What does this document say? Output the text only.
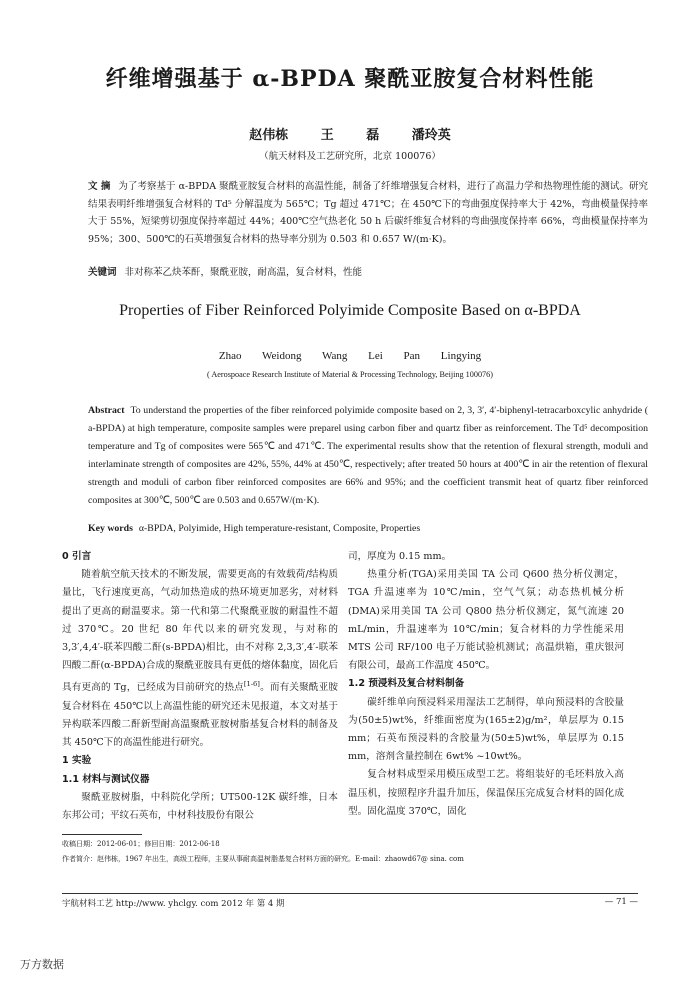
纤维增强基于 α-BPDA 聚酰亚胺复合材料性能
赵伟栋 王 磊 潘玲英
（航天材料及工艺研究所，北京 100076）
文 摘 为了考察基于 α-BPDA 聚酰亚胺复合材料的高温性能，制备了纤维增强复合材料，进行了高温力学和热物理性能的测试。研究结果表明纤维增强复合材料的 Td⁵ 分解温度为 565℃；Tg 超过 471℃；在 450℃下的弯曲强度保持率大于 42%，弯曲模量保持率大于 55%，短梁剪切强度保持率超过 44%；400℃空气热老化 50 h 后碳纤维复合材料的弯曲强度保持率 66%，弯曲模量保持率为 95%；300、500℃的石英增强复合材料的热导率分别为 0.503 和 0.657 W/(m·K)。
关键词 非对称苯乙炔苯酐，聚酰亚胺，耐高温，复合材料，性能
Properties of Fiber Reinforced Polyimide Composite Based on α-BPDA
Zhao Weidong Wang Lei Pan Lingying
( Aerospoace Research Institute of Material & Processing Technology, Beijing 100076)
Abstract To understand the properties of the fiber reinforced polyimide composite based on 2, 3, 3′, 4′-biphenyl-tetracarboxcylic anhydride ( a-BPDA) at high temperature, composite samples were preparel using carbon fiber and quartz fiber as reinforcement. The Td⁵ decomposition temperature and Tg of composites were 565℃ and 471℃. The experimental results show that the retention of flexural strength, moduli and interlaminate strength of composites are 42%, 55%, 44% at 450℃, respectively; after treated 50 hours at 400℃ in air the retention of flexural strength and moduli of carbon fiber reinforced composites are 66% and 95%; and the coefficient transmit heat of quartz fiber reinforced composites at 300℃, 500℃ are 0.503 and 0.657W/(m·K).
Key words α-BPDA, Polyimide, High temperature-resistant, Composite, Properties
0 引言

随着航空航天技术的不断发展，需要更高的有效载荷/结构质量比，飞行速度更高，气动加热造成的热环境更加恶劣，对材料提出了更高的耐温要求。第一代和第二代聚酰亚胺的耐温性不超过 370℃。20 世纪 80 年代以来的研究发现，与对称的 3,3′,4,4′-联苯四酸二酐(s-BPDA)相比，由不对称 2,3,3′,4′-联苯四酸二酐(α-BPDA)合成的聚酰亚胺具有更低的熔体黏度，固化后具有更高的 Tg，已经成为目前研究的热点[1-6]。而有关聚酰亚胺复合材料在 450℃以上高温性能的研究还未见报道，本文对基于异构联苯四酸二酐新型耐高温聚酰亚胺树脂基复合材料的制备及其 450℃下的高温性能进行研究。

1 实验
1.1 材料与测试仪器

聚酰亚胺树脂，中科院化学所；UT500-12K 碳纤维，日本东邦公司；平纹石英布，中材科技股份有限公

司，厚度为 0.15 mm。

热重分析(TGA)采用美国 TA 公司 Q600 热分析仪测定，TGA 升温速率为 10℃/min，空气气氛；动态热机械分析(DMA)采用美国 TA 公司 Q800 热分析仪测定，氮气流速 20 mL/min，升温速率为 10℃/min；复合材料的力学性能采用 MTS 公司 RF/100 电子万能试验机测试；高温烘箱，重庆银河有限公司，最高工作温度 450℃。

1.2 预浸料及复合材料制备

碳纤维单向预浸料采用湿法工艺制得，单向预浸料的含胶量为(50±5)wt%，纤维面密度为(165±2)g/m²，单层厚为 0.15 mm；石英布预浸料的含胶量为(50±5)wt%，单层厚为 0.15 mm，溶剂含量控制在 6wt% ~10wt%。

复合材料成型采用模压成型工艺。将组装好的毛坯料放入高温压机，按照程序升温升加压，保温保压完成复合材料的固化成型。固化温度 370℃，固化

收稿日期：2012-06-01；修回日期：2012-06-18
作者简介：赵伟栋，1967 年出生，高级工程师，主要从事耐高温树脂基复合材料方面的研究。E-mail：zhaowd67@ sina. com
宇航材料工艺 http://www. yhclgy. com 2012 年 第 4 期	— 71 —
万方数据
